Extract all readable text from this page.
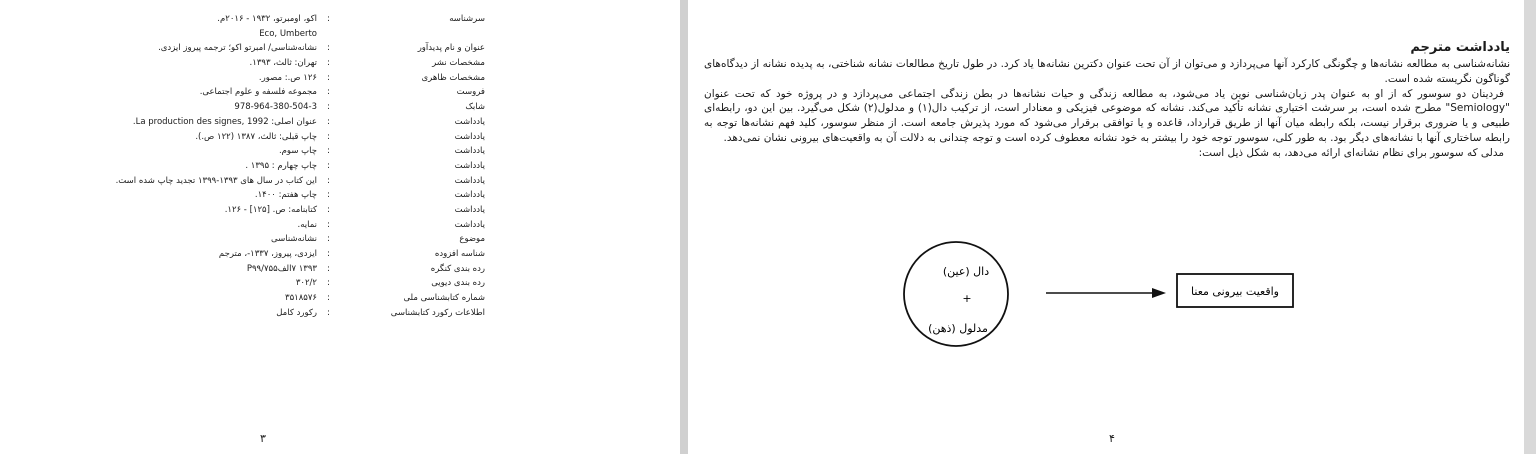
سرشناسه
:
اکو، اومبرتو، ۱۹۳۲ - ۲۰۱۶م.
Eco, Umberto
عنوان و نام پدیدآور
:
نشانه‌شناسی/ امبرتو اکو؛ ترجمه پیروز ایزدی.
مشخصات نشر
:
تهران: ثالث، ۱۳۹۳.
مشخصات ظاهری
:
۱۲۶ ص.: مصور.
فروست
:
مجموعه فلسفه و علوم اجتماعی.
شابک
:
978-964-380-504-3
یادداشت
:
عنوان اصلی: La production des signes, 1992.
یادداشت
:
چاپ قبلی: ثالث، ۱۳۸۷ (۱۲۲ ص.).
یادداشت
:
چاپ سوم.
یادداشت
:
چاپ چهارم : ۱۳۹۵ .
یادداشت
:
این کتاب در سال های ۱۳۹۳-۱۳۹۹ تجدید چاپ شده است.
یادداشت
:
چاپ هفتم: ۱۴۰۰.
یادداشت
:
کتابنامه: ص. [۱۲۵] - ۱۲۶.
یادداشت
:
نمایه.
موضوع
:
نشانه‌شناسی
شناسه افزوده
:
ایزدی، پیروز، ۱۳۳۷-، مترجم
رده بندی کنگره
:
۱۳۹۳ ۷الف۷۵۵/P۹۹
رده بندی دیویی
:
۳۰۲/۲
شماره کتابشناسی ملی
:
۳۵۱۸۵۷۶
اطلاعات رکورد کتابشناسی
:
رکورد کامل
۳
یادداشت مترجم

نشانه‌شناسی به مطالعه نشانه‌ها و چگونگی کارکرد آنها می‌پردازد و می‌توان از آن تحت عنوان دکترین نشانه‌ها یاد کرد. در طول تاریخ مطالعات نشانه شناختی، به پدیده نشانه از دیدگاه‌های گوناگون نگریسته شده است.

فردینان دو سوسور که از او به عنوان پدر زبان‌شناسی نوین یاد می‌شود، به مطالعه زندگی و حیات نشانه‌ها در بطن زندگی اجتماعی می‌پردازد و در پروژه خود که تحت عنوان "Semiology" مطرح شده است، بر سرشت اختیاری نشانه تأکید می‌کند. نشانه که موضوعی فیزیکی و معنادار است، از ترکیب دال(۱) و مدلول(۲) شکل می‌گیرد. بین این دو، رابطه‌ای طبیعی و یا ضروری برقرار نیست، بلکه رابطه میان آنها از طریق قرارداد، قاعده و یا توافقی برقرار می‌شود که مورد پذیرش جامعه است. از منظر سوسور، کلید فهم نشانه‌ها توجه به رابطه ساختاری آنها با نشانه‌های دیگر بود. به طور کلی، سوسور توجه خود را بیشتر به خود نشانه معطوف کرده است و توجه چندانی به دلالت آن به واقعیت‌های بیرونی نشان نمی‌دهد.

مدلی که سوسور برای نظام نشانه‌ای ارائه می‌دهد، به شکل ذیل است:

دال (عین)
+
مدلول (ذهن)
واقعیت بیرونی معنا
۴
